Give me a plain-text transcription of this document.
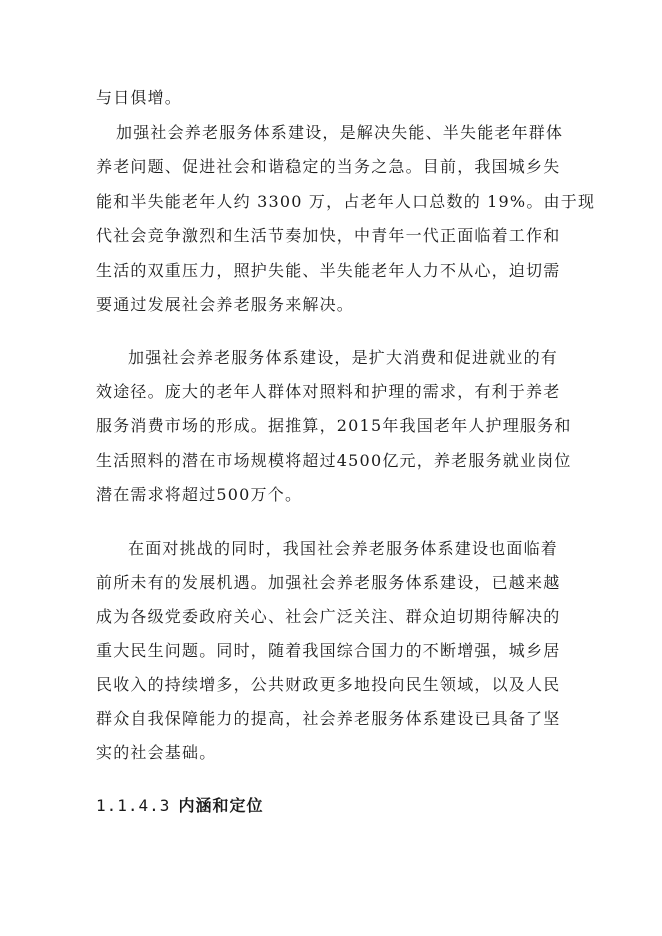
与日俱增。

加强社会养老服务体系建设，是解决失能、半失能老年群体

养老问题、促进社会和谐稳定的当务之急。目前，我国城乡失

能和半失能老年人约 3300 万，占老年人口总数的 19%。由于现

代社会竞争激烈和生活节奏加快，中青年一代正面临着工作和

生活的双重压力，照护失能、半失能老年人力不从心，迫切需

要通过发展社会养老服务来解决。

加强社会养老服务体系建设，是扩大消费和促进就业的有

效途径。庞大的老年人群体对照料和护理的需求，有利于养老

服务消费市场的形成。据推算，2015年我国老年人护理服务和

生活照料的潜在市场规模将超过4500亿元，养老服务就业岗位

潜在需求将超过500万个。

在面对挑战的同时，我国社会养老服务体系建设也面临着

前所未有的发展机遇。加强社会养老服务体系建设，已越来越

成为各级党委政府关心、社会广泛关注、群众迫切期待解决的

重大民生问题。同时，随着我国综合国力的不断增强，城乡居

民收入的持续增多，公共财政更多地投向民生领域，以及人民

群众自我保障能力的提高，社会养老服务体系建设已具备了坚

实的社会基础。

1.1.4.3 内涵和定位
